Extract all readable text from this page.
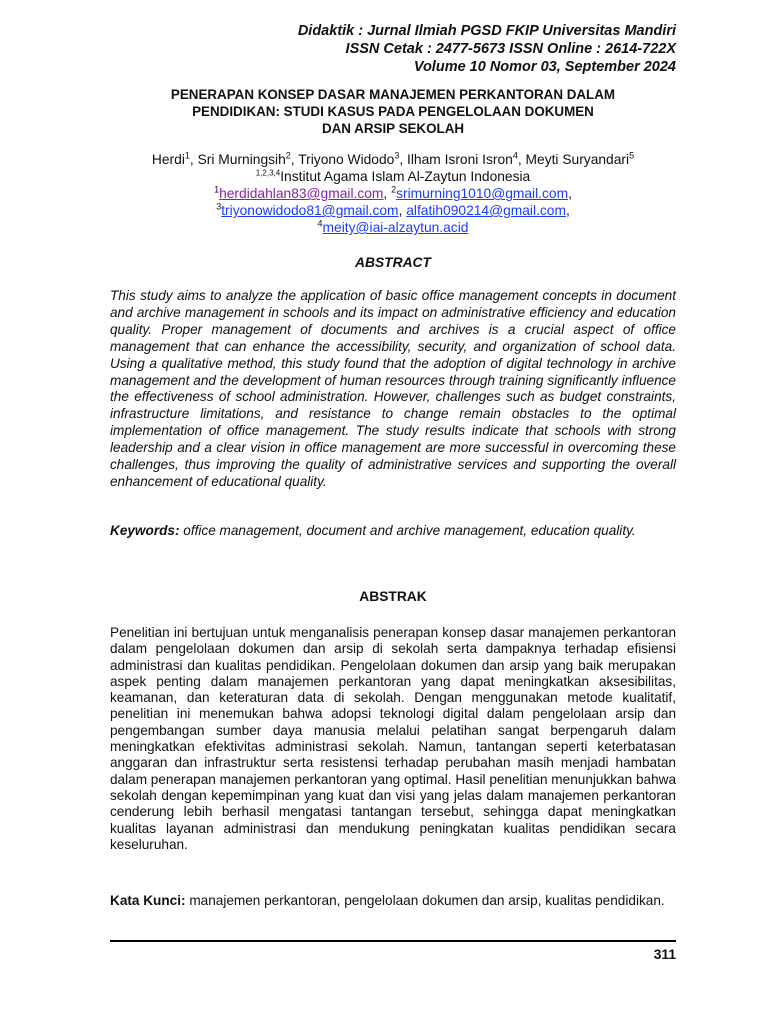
Didaktik : Jurnal Ilmiah PGSD FKIP Universitas Mandiri
ISSN Cetak : 2477-5673 ISSN Online : 2614-722X
Volume 10 Nomor 03, September 2024
PENERAPAN KONSEP DASAR MANAJEMEN PERKANTORAN DALAM
PENDIDIKAN: STUDI KASUS PADA PENGELOLAAN DOKUMEN
DAN ARSIP SEKOLAH
Herdi$^1$, Sri Murningsih$^2$, Triyono Widodo$^3$, Ilham Isroni Isron$^4$, Meyti Suryandari$^5$
$^{1,2,3,4}$Institut Agama Islam Al-Zaytun Indonesia
$^1$herdidahlan83@gmail.com, $^2$srimurning1010@gmail.com,
$^3$triyonowidodo81@gmail.com, alfatih090214@gmail.com,
$^4$meity@iai-alzaytun.acid
ABSTRACT

This study aims to analyze the application of basic office management concepts in document and archive management in schools and its impact on administrative efficiency and education quality. Proper management of documents and archives is a crucial aspect of office management that can enhance the accessibility, security, and organization of school data. Using a qualitative method, this study found that the adoption of digital technology in archive management and the development of human resources through training significantly influence the effectiveness of school administration. However, challenges such as budget constraints, infrastructure limitations, and resistance to change remain obstacles to the optimal implementation of office management. The study results indicate that schools with strong leadership and a clear vision in office management are more successful in overcoming these challenges, thus improving the quality of administrative services and supporting the overall enhancement of educational quality.

Keywords: office management, document and archive management, education quality.

ABSTRAK

Penelitian ini bertujuan untuk menganalisis penerapan konsep dasar manajemen perkantoran dalam pengelolaan dokumen dan arsip di sekolah serta dampaknya terhadap efisiensi administrasi dan kualitas pendidikan. Pengelolaan dokumen dan arsip yang baik merupakan aspek penting dalam manajemen perkantoran yang dapat meningkatkan aksesibilitas, keamanan, dan keteraturan data di sekolah. Dengan menggunakan metode kualitatif, penelitian ini menemukan bahwa adopsi teknologi digital dalam pengelolaan arsip dan pengembangan sumber daya manusia melalui pelatihan sangat berpengaruh dalam meningkatkan efektivitas administrasi sekolah. Namun, tantangan seperti keterbatasan anggaran dan infrastruktur serta resistensi terhadap perubahan masih menjadi hambatan dalam penerapan manajemen perkantoran yang optimal. Hasil penelitian menunjukkan bahwa sekolah dengan kepemimpinan yang kuat dan visi yang jelas dalam manajemen perkantoran cenderung lebih berhasil mengatasi tantangan tersebut, sehingga dapat meningkatkan kualitas layanan administrasi dan mendukung peningkatan kualitas pendidikan secara keseluruhan.

Kata Kunci: manajemen perkantoran, pengelolaan dokumen dan arsip, kualitas pendidikan.

311
